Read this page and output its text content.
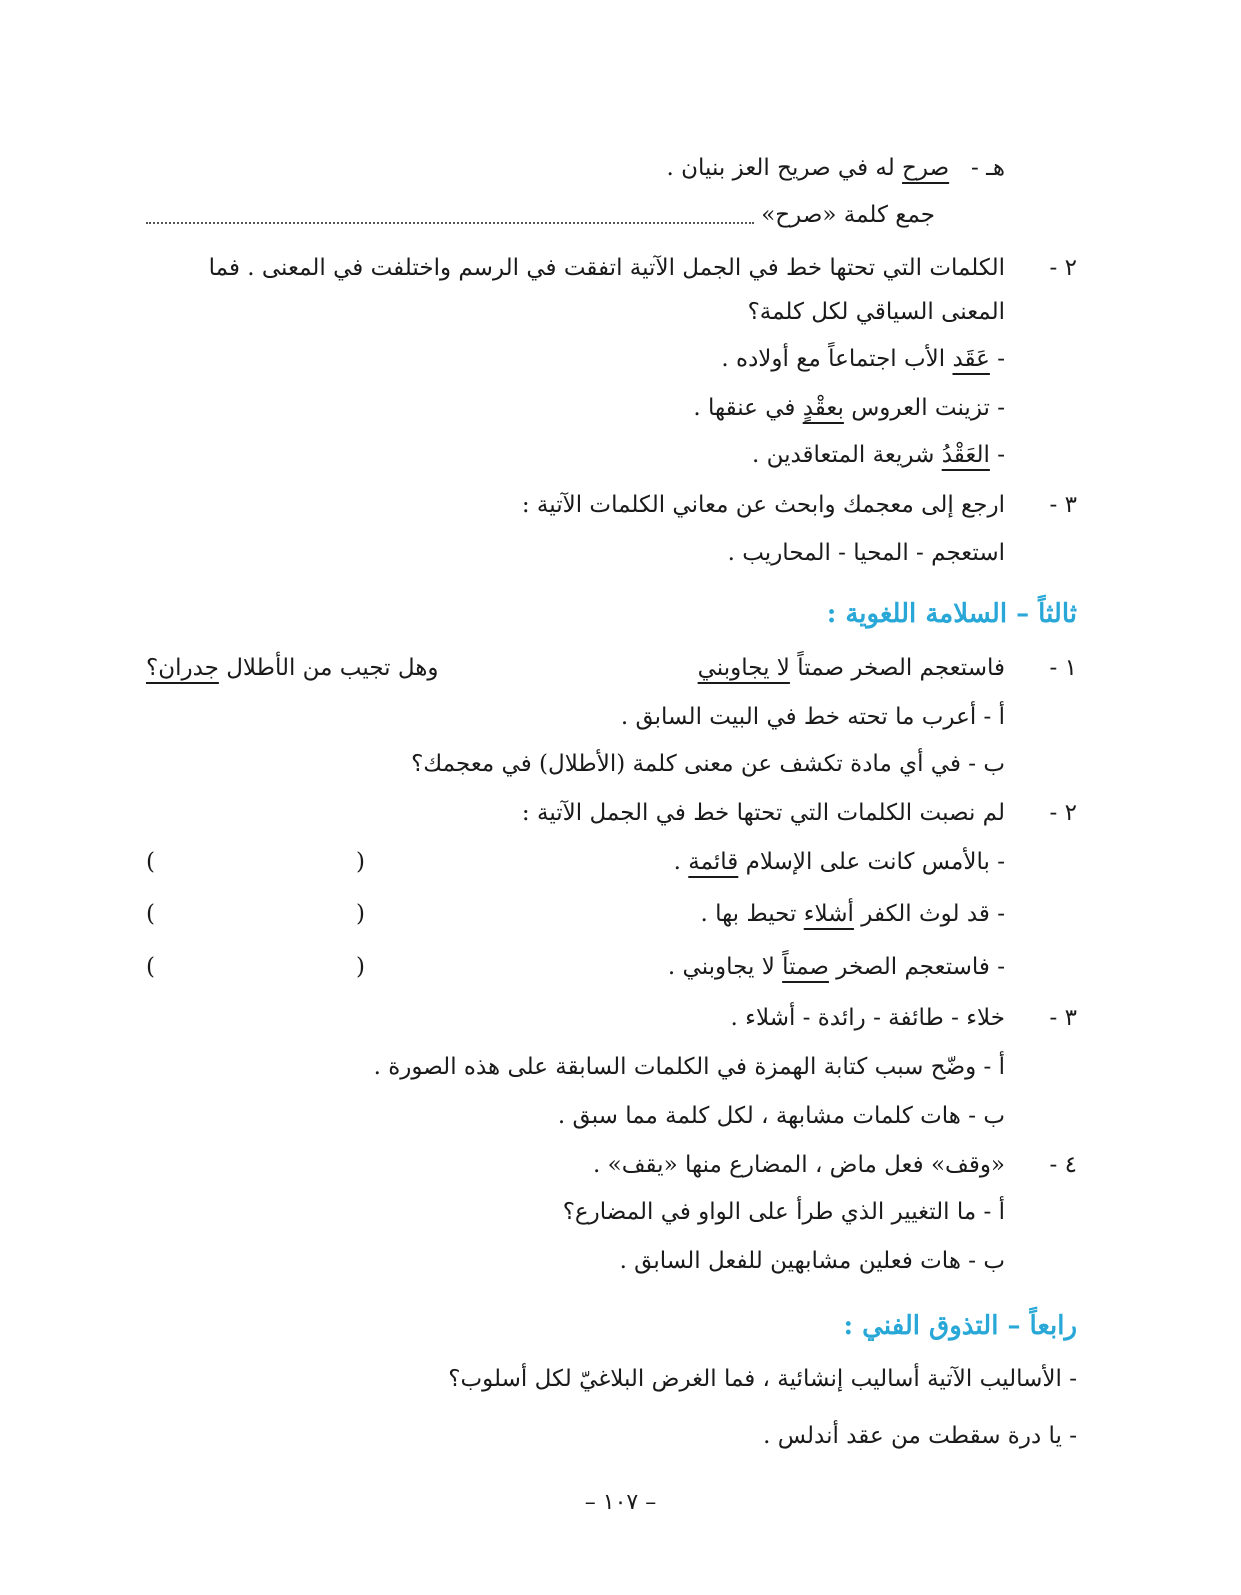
هـ -   صرح له في صريح العز بنيان .
جمع كلمة «صرح»
٢ -
الكلمات التي تحتها خط في الجمل الآتية اتفقت في الرسم واختلفت في المعنى . فما
المعنى السياقي لكل كلمة؟
- عَقَد الأب اجتماعاً مع أولاده .
- تزينت العروس بعقْدٍ في عنقها .
- العَقْدُ شريعة المتعاقدين .
٣ -
ارجع إلى معجمك وابحث عن معاني الكلمات الآتية :
استعجم - المحيا - المحاريب .
ثالثاً – السلامة اللغوية :
١ -
فاستعجم الصخر صمتاً لا يجاوبني
وهل تجيب من الأطلال جدران؟
أ - أعرب ما تحته خط في البيت السابق .
ب - في أي مادة تكشف عن معنى كلمة (الأطلال) في معجمك؟
٢ -
لم نصبت الكلمات التي تحتها خط في الجمل الآتية :
- بالأمس كانت على الإسلام قائمة .
(
)
- قد لوث الكفر أشلاء تحيط بها .
(
)
- فاستعجم الصخر صمتاً لا يجاوبني .
(
)
٣ -
خلاء - طائفة - رائدة - أشلاء .
أ - وضّح سبب كتابة الهمزة في الكلمات السابقة على هذه الصورة .
ب - هات كلمات مشابهة ، لكل كلمة مما سبق .
٤ -
«وقف» فعل ماض ، المضارع منها «يقف» .
أ - ما التغيير الذي طرأ على الواو في المضارع؟
ب - هات فعلين مشابهين للفعل السابق .
رابعاً – التذوق الفني :
- الأساليب الآتية أساليب إنشائية ، فما الغرض البلاغيّ لكل أسلوب؟
- يا درة سقطت من عقد أندلس .
– ١٠٧ –
